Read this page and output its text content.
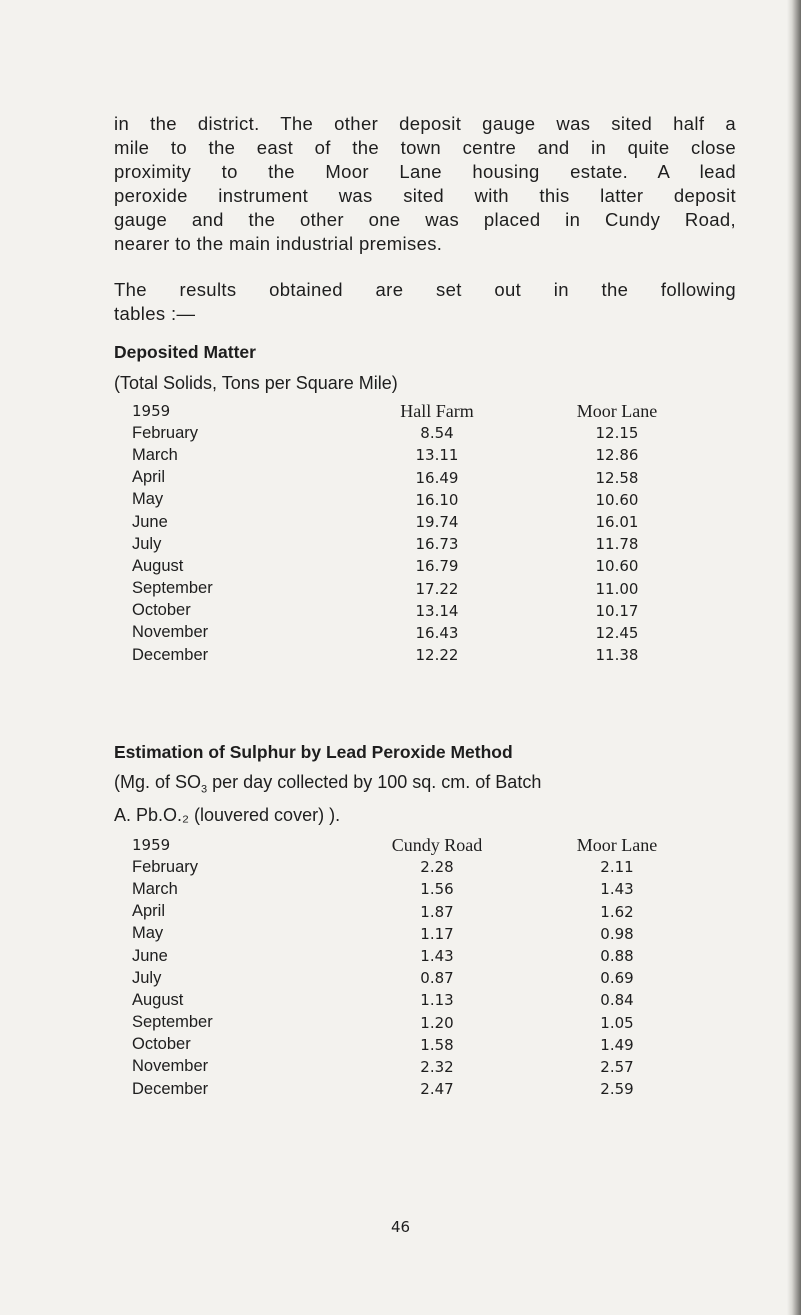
in the district. The other deposit gauge was sited half a
mile to the east of the town centre and in quite close
proximity to the Moor Lane housing estate. A lead
peroxide instrument was sited with this latter deposit
gauge and the other one was placed in Cundy Road,
nearer to the main industrial premises.

The results obtained are set out in the following
tables :—

Deposited Matter
(Total Solids, Tons per Square Mile)
1959	Hall Farm	Moor Lane
February	8.54	12.15
March	13.11	12.86
April	16.49	12.58
May	16.10	10.60
June	19.74	16.01
July	16.73	11.78
August	16.79	10.60
September	17.22	11.00
October	13.14	10.17
November	16.43	12.45
December	12.22	11.38
Estimation of Sulphur by Lead Peroxide Method
(Mg. of $SO_3$ per day collected by 100 sq. cm. of Batch
A. Pb.O.₂ (louvered cover) ).
1959	Cundy Road	Moor Lane
February	2.28	2.11
March	1.56	1.43
April	1.87	1.62
May	1.17	0.98
June	1.43	0.88
July	0.87	0.69
August	1.13	0.84
September	1.20	1.05
October	1.58	1.49
November	2.32	2.57
December	2.47	2.59
46
